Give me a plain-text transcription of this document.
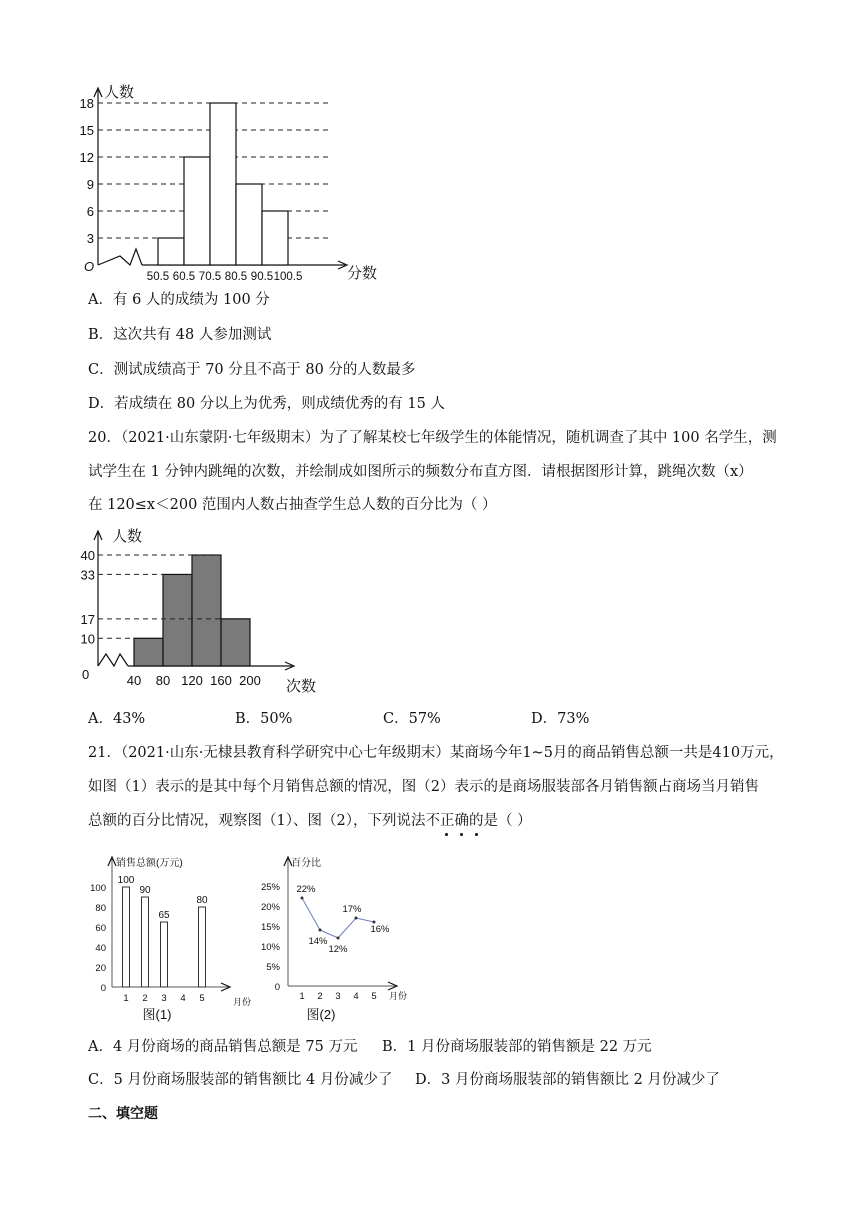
人数
分数
O
3
6
9
12
15
18
50.5 60.5 70.5 80.5 90.5 100.5
A．有 6 人的成绩为 100 分
B．这次共有 48 人参加测试
C．测试成绩高于 70 分且不高于 80 分的人数最多
D．若成绩在 80 分以上为优秀，则成绩优秀的有 15 人
20．（2021·山东蒙阴·七年级期末）为了了解某校七年级学生的体能情况，随机调查了其中 100 名学生，测
试学生在 1 分钟内跳绳的次数，并绘制成如图所示的频数分布直方图．请根据图形计算，跳绳次数（x）
在 120≤x＜200 范围内人数占抽查学生总人数的百分比为（ ）
人数
次数
0
10
17
33
40
40 80 120 160 200
A．43%	B．50%	C．57%	D．73%
21．（2021·山东·无棣县教育科学研究中心七年级期末）某商场今年1~5月的商品销售总额一共是410万元，
如图（1）表示的是其中每个月销售总额的情况，图（2）表示的是商场服装部各月销售额占商场当月销售
总额的百分比情况，观察图（1）、图（2），下列说法不正确的是（ ）
销售总额(万元)
月份
0
20
40
60
80
100
1
100
2
90
3
65
4 5
80
图(1)
百分比
月份
0
5%
10%
15%
20%
25% 22%
14%
12%
17%
16%
1 2 3 4 5
图(2)
A．4 月份商场的商品销售总额是 75 万元 B．1 月份商场服装部的销售额是 22 万元
C．5 月份商场服装部的销售额比 4 月份减少了 D．3 月份商场服装部的销售额比 2 月份减少了
二、填空题
